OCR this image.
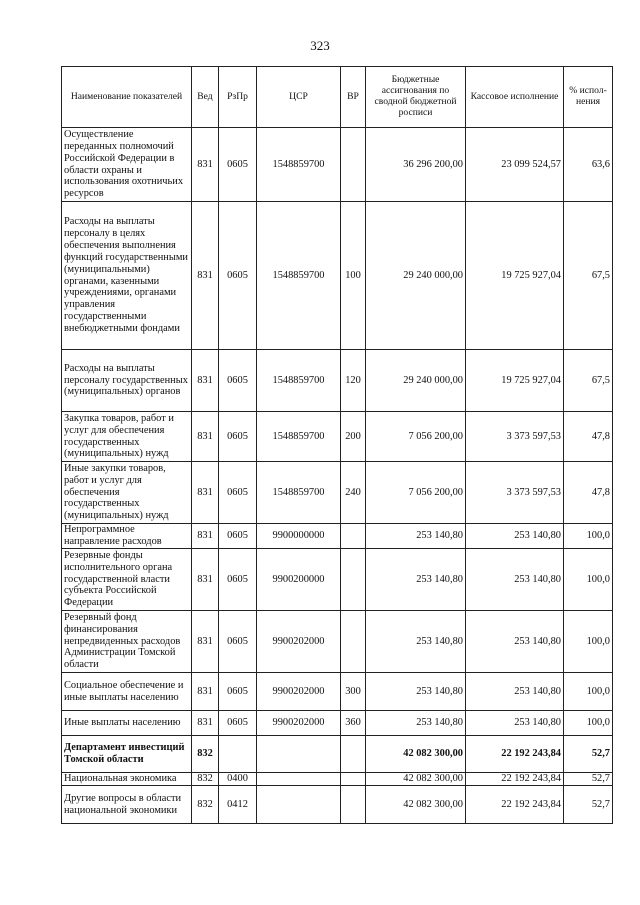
323
Наименование показателей	Вед	РзПр	ЦСР	ВР	Бюджетные ассигнования по сводной бюджетной росписи	Кассовое исполнение	% испол-нения
Осуществление переданных полномочий Российской Федерации в области охраны и использования охотничьих ресурсов	831	0605	1548859700		36 296 200,00	23 099 524,57	63,6
Расходы на выплаты персоналу в целях обеспечения выполнения функций государственными (муниципальными) органами, казенными учреждениями, органами управления государственными внебюджетными фондами	831	0605	1548859700	100	29 240 000,00	19 725 927,04	67,5
Расходы на выплаты персоналу государственных (муниципальных) органов	831	0605	1548859700	120	29 240 000,00	19 725 927,04	67,5
Закупка товаров, работ и услуг для обеспечения государственных (муниципальных) нужд	831	0605	1548859700	200	7 056 200,00	3 373 597,53	47,8
Иные закупки товаров, работ и услуг для обеспечения государственных (муниципальных) нужд	831	0605	1548859700	240	7 056 200,00	3 373 597,53	47,8
Непрограммное направление расходов	831	0605	9900000000		253 140,80	253 140,80	100,0
Резервные фонды исполнительного органа государственной власти субъекта Российской Федерации	831	0605	9900200000		253 140,80	253 140,80	100,0
Резервный фонд финансирования непредвиденных расходов Администрации Томской области	831	0605	9900202000		253 140,80	253 140,80	100,0
Социальное обеспечение и иные выплаты населению	831	0605	9900202000	300	253 140,80	253 140,80	100,0
Иные выплаты населению	831	0605	9900202000	360	253 140,80	253 140,80	100,0
Департамент инвестиций Томской области	832				42 082 300,00	22 192 243,84	52,7
Национальная экономика	832	0400			42 082 300,00	22 192 243,84	52,7
Другие вопросы в области национальной экономики	832	0412			42 082 300,00	22 192 243,84	52,7
